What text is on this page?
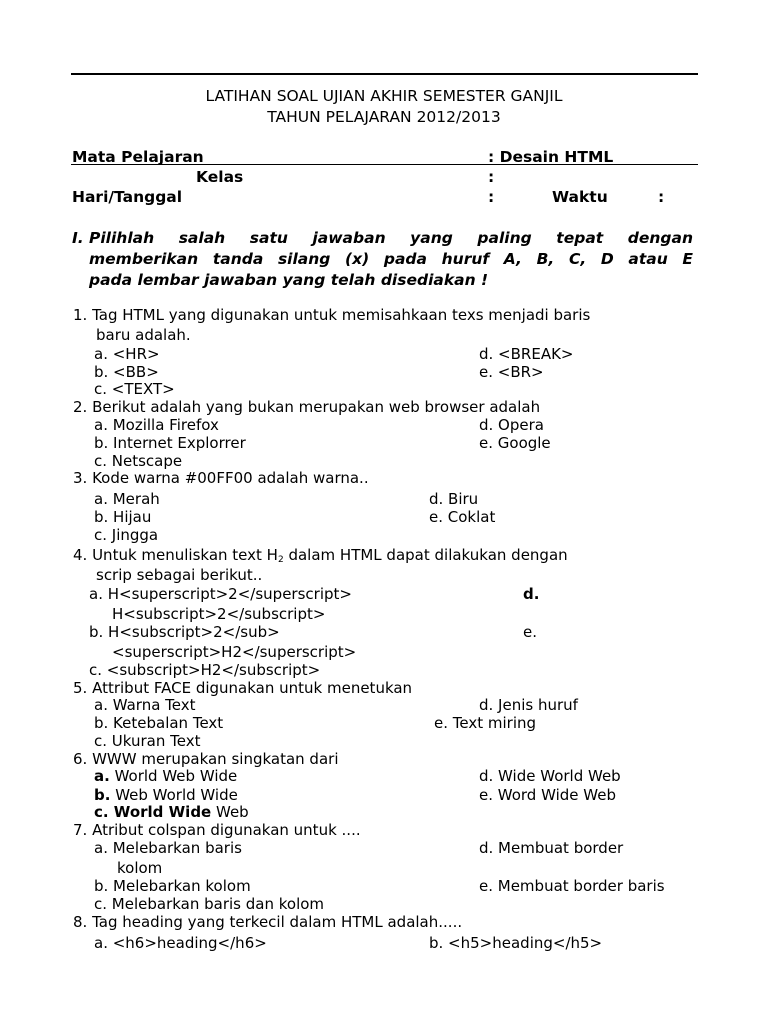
LATIHAN SOAL UJIAN AKHIR SEMESTER GANJIL
TAHUN PELAJARAN 2012/2013
Mata Pelajaran	: Desain HTML
Kelas	:
Hari/Tanggal	:	Waktu	:
I. Pilihlah salah satu jawaban yang paling tepat dengan
memberikan tanda silang (x) pada huruf A, B, C, D atau E
pada lembar jawaban yang telah disediakan !
1. Tag HTML yang digunakan untuk memisahkaan texs menjadi baris
baru adalah.
a. <HR>
b. <BB>
c. <TEXT>
d. <BREAK>
e. <BR>
2. Berikut adalah yang bukan merupakan web browser adalah
a. Mozilla Firefox
b. Internet Explorrer
c. Netscape
d. Opera
e. Google
3. Kode warna #00FF00 adalah warna..
a. Merah
b. Hijau
c. Jingga
d. Biru
e. Coklat
4. Untuk menuliskan text $H_2$ dalam HTML dapat dilakukan dengan
scrip sebagai berikut..
a. H<superscript>2</superscript>	d.
H<subscript>2</subscript>
b. H<subscript>2</sub>	e.
<superscript>H2</superscript>
c. <subscript>H2</subscript>
5. Attribut FACE digunakan untuk menetukan
a. Warna Text
b. Ketebalan Text
c. Ukuran Text
d. Jenis huruf
e. Text miring
6. WWW merupakan singkatan dari
a. World Web Wide
b. Web World Wide
c. World Wide Web
d. Wide World Web
e. Word Wide Web
7. Atribut colspan digunakan untuk ....
a. Melebarkan baris
kolom
b. Melebarkan kolom
c. Melebarkan baris dan kolom
d. Membuat border
e. Membuat border baris
8. Tag heading yang terkecil dalam HTML adalah.....
a. <h6>heading</h6>	b. <h5>heading</h5>
